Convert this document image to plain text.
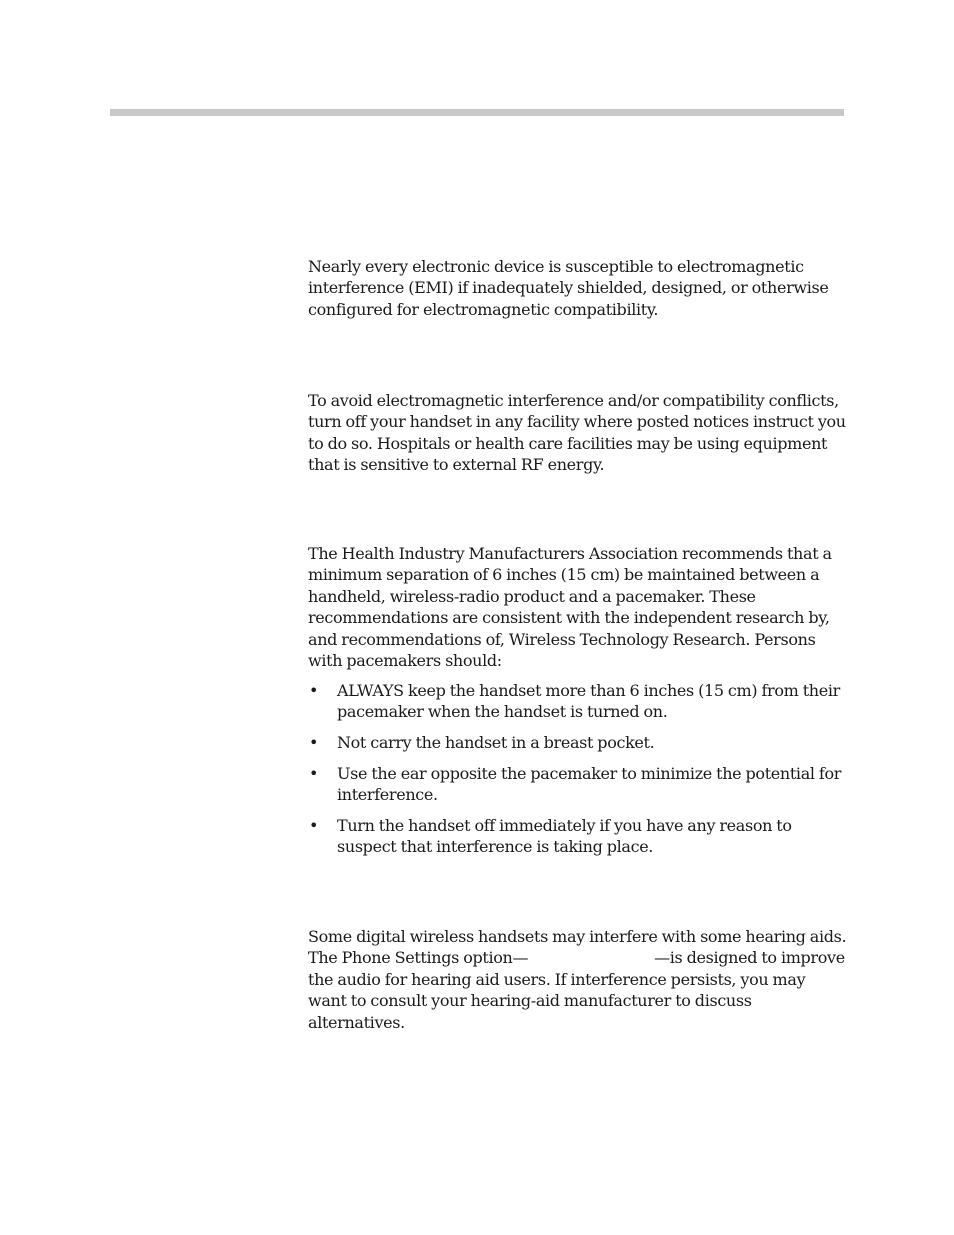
Nearly every electronic device is susceptible to electromagnetic interference (EMI) if inadequately shielded, designed, or otherwise configured for electromagnetic compatibility.

To avoid electromagnetic interference and/or compatibility conflicts, turn off your handset in any facility where posted notices instruct you to do so. Hospitals or health care facilities may be using equipment that is sensitive to external RF energy.

The Health Industry Manufacturers Association recommends that a minimum separation of 6 inches (15 cm) be maintained between a handheld, wireless-radio product and a pacemaker. These recommendations are consistent with the independent research by, and recommendations of, Wireless Technology Research. Persons with pacemakers should:

• ALWAYS keep the handset more than 6 inches (15 cm) from their pacemaker when the handset is turned on.
• Not carry the handset in a breast pocket.
• Use the ear opposite the pacemaker to minimize the potential for interference.
• Turn the handset off immediately if you have any reason to suspect that interference is taking place.

Some digital wireless handsets may interfere with some hearing aids.
The Phone Settings option—	—is designed to improve
the audio for hearing aid users. If interference persists, you may want to consult your hearing-aid manufacturer to discuss alternatives.
